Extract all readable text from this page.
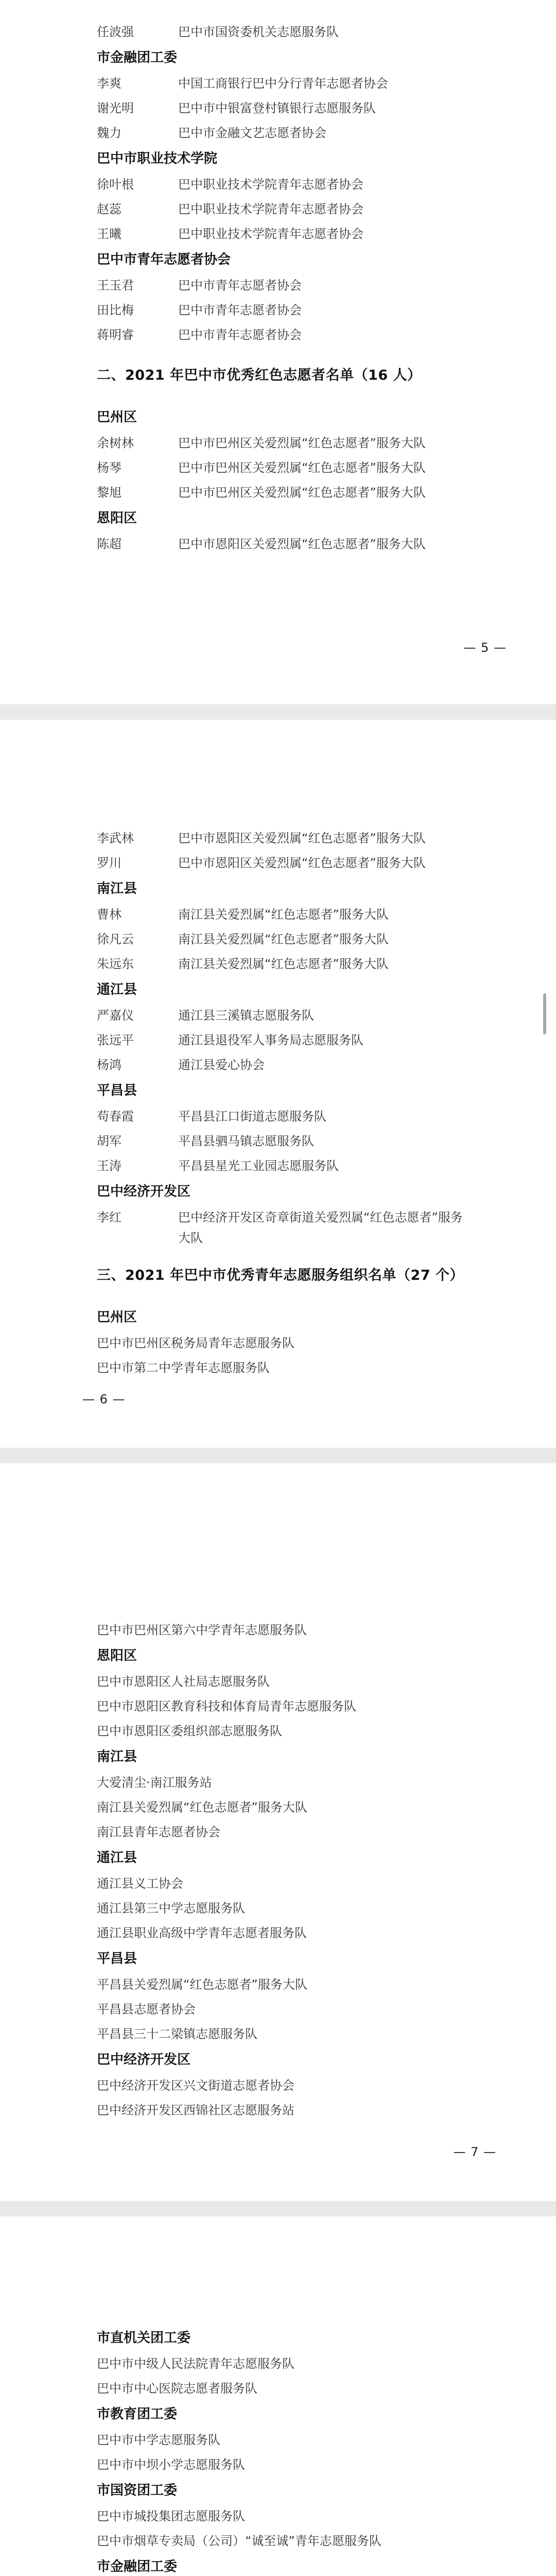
任波强	巴中市国资委机关志愿服务队
市金融团工委
李爽	中国工商银行巴中分行青年志愿者协会
谢光明	巴中市中银富登村镇银行志愿服务队
魏力	巴中市金融文艺志愿者协会
巴中市职业技术学院
徐叶根	巴中职业技术学院青年志愿者协会
赵蕊	巴中职业技术学院青年志愿者协会
王曦	巴中职业技术学院青年志愿者协会
巴中市青年志愿者协会
王玉君	巴中市青年志愿者协会
田比梅	巴中市青年志愿者协会
蒋明睿	巴中市青年志愿者协会
二、2021 年巴中市优秀红色志愿者名单（16 人）
巴州区
余树林	巴中市巴州区关爱烈属“红色志愿者”服务大队
杨琴	巴中市巴州区关爱烈属“红色志愿者”服务大队
黎旭	巴中市巴州区关爱烈属“红色志愿者”服务大队
恩阳区
陈超	巴中市恩阳区关爱烈属“红色志愿者”服务大队
— 5 —
李武林	巴中市恩阳区关爱烈属“红色志愿者”服务大队
罗川	巴中市恩阳区关爱烈属“红色志愿者”服务大队
南江县
曹林	南江县关爱烈属“红色志愿者”服务大队
徐凡云	南江县关爱烈属“红色志愿者”服务大队
朱远东	南江县关爱烈属“红色志愿者”服务大队
通江县
严嘉仪	通江县三溪镇志愿服务队
张远平	通江县退役军人事务局志愿服务队
杨鸿	通江县爱心协会
平昌县
苟春霞	平昌县江口街道志愿服务队
胡军	平昌县驷马镇志愿服务队
王涛	平昌县星光工业园志愿服务队
巴中经济开发区
李红	巴中经济开发区奇章街道关爱烈属“红色志愿者”服务大队
三、2021 年巴中市优秀青年志愿服务组织名单（27 个）
巴州区
巴中市巴州区税务局青年志愿服务队
巴中市第二中学青年志愿服务队
— 6 —
巴中市巴州区第六中学青年志愿服务队
恩阳区
巴中市恩阳区人社局志愿服务队
巴中市恩阳区教育科技和体育局青年志愿服务队
巴中市恩阳区委组织部志愿服务队
南江县
大爱清尘·南江服务站
南江县关爱烈属“红色志愿者”服务大队
南江县青年志愿者协会
通江县
通江县义工协会
通江县第三中学志愿服务队
通江县职业高级中学青年志愿者服务队
平昌县
平昌县关爱烈属“红色志愿者”服务大队
平昌县志愿者协会
平昌县三十二梁镇志愿服务队
巴中经济开发区
巴中经济开发区兴文街道志愿者协会
巴中经济开发区西锦社区志愿服务站
— 7 —
市直机关团工委
巴中市中级人民法院青年志愿服务队
巴中市中心医院志愿者服务队
市教育团工委
巴中市中学志愿服务队
巴中市中坝小学志愿服务队
市国资团工委
巴中市城投集团志愿服务队
巴中市烟草专卖局（公司）“诚至诚”青年志愿服务队
市金融团工委
